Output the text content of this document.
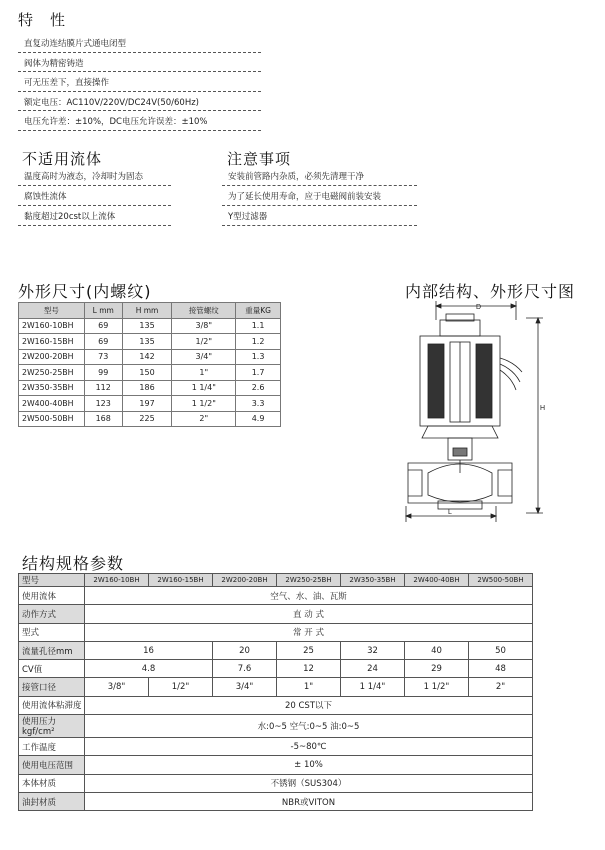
特　性
直复动连结膜片式通电闭型
阀体为精密铸造
可无压差下，直接操作
额定电压：AC110V/220V/DC24V(50/60Hz)
电压允许差：±10%，DC电压允许误差：±10%
不适用流体
温度高时为液态，冷却时为固态
腐蚀性流体
黏度超过20cst以上流体
注意事项
安装前管路内杂质，必须先清理干净
为了延长使用寿命，应于电磁阀前装安装
Y型过滤器
外形尺寸(内螺纹)
型号	L mm	H mm	接管螺纹	重量KG
2W160-10BH	69	135	3/8"	1.1
2W160-15BH	69	135	1/2"	1.2
2W200-20BH	73	142	3/4"	1.3
2W250-25BH	99	150	1"	1.7
2W350-35BH	112	186	1 1/4"	2.6
2W400-40BH	123	197	1 1/2"	3.3
2W500-50BH	168	225	2"	4.9
内部结构、外形尺寸图
D
H
L
结构规格参数
型号	2W160-10BH	2W160-15BH	2W200-20BH	2W250-25BH	2W350-35BH	2W400-40BH	2W500-50BH
使用流体	空气、水、油、瓦斯						
动作方式	直 动 式						
型式	常 开 式						
流量孔径mm	16		20	25	32	40	50
CV值	4.8		7.6	12	24	29	48
接管口径	3/8"	1/2"	3/4"	1"	1 1/4"	1 1/2"	2"
使用流体粘滞度	20 CST以下						
使用压力kgf/cm²	水:0~5 空气:0~5 油:0~5						
工作温度	-5~80℃						
使用电压范围	± 10%						
本体材质	不锈钢（SUS304）						
油封材质	NBR或VITON						
